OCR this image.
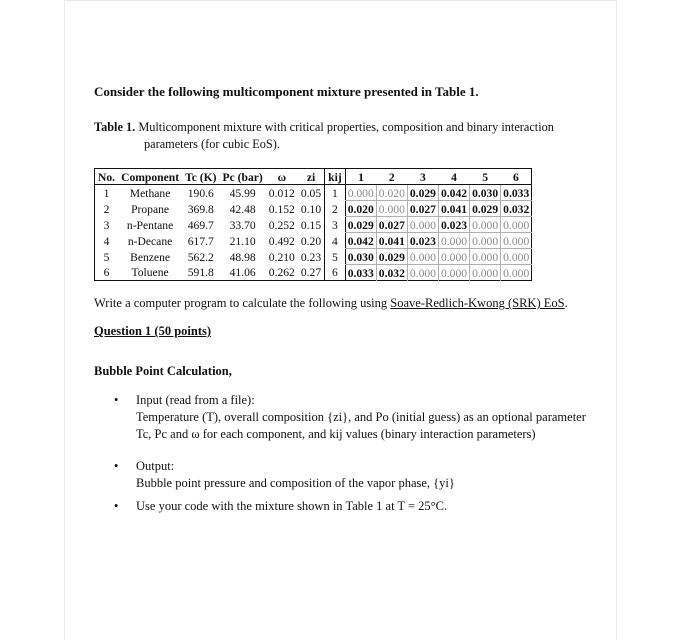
Consider the following multicomponent mixture presented in Table 1.

Table 1. Multicomponent mixture with critical properties, composition and binary interaction
parameters (for cubic EoS).

No.	Component	Tc (K)	Pc (bar)	ω	zi	kij	1	2	3	4	5	6
1	Methane	190.6	45.99	0.012	0.05	1	0.000	0.020	0.029	0.042	0.030	0.033
2	Propane	369.8	42.48	0.152	0.10	2	0.020	0.000	0.027	0.041	0.029	0.032
3	n-Pentane	469.7	33.70	0.252	0.15	3	0.029	0.027	0.000	0.023	0.000	0.000
4	n-Decane	617.7	21.10	0.492	0.20	4	0.042	0.041	0.023	0.000	0.000	0.000
5	Benzene	562.2	48.98	0.210	0.23	5	0.030	0.029	0.000	0.000	0.000	0.000
6	Toluene	591.8	41.06	0.262	0.27	6	0.033	0.032	0.000	0.000	0.000	0.000

Write a computer program to calculate the following using Soave-Redlich-Kwong (SRK) EoS.

Question 1 (50 points)

Bubble Point Calculation,

• Input (read from a file):
Temperature (T), overall composition {zi}, and Po (initial guess) as an optional parameter
Tc, Pc and ω for each component, and kij values (binary interaction parameters)
• Output:
Bubble point pressure and composition of the vapor phase, {yi}
• Use your code with the mixture shown in Table 1 at T = 25°C.
